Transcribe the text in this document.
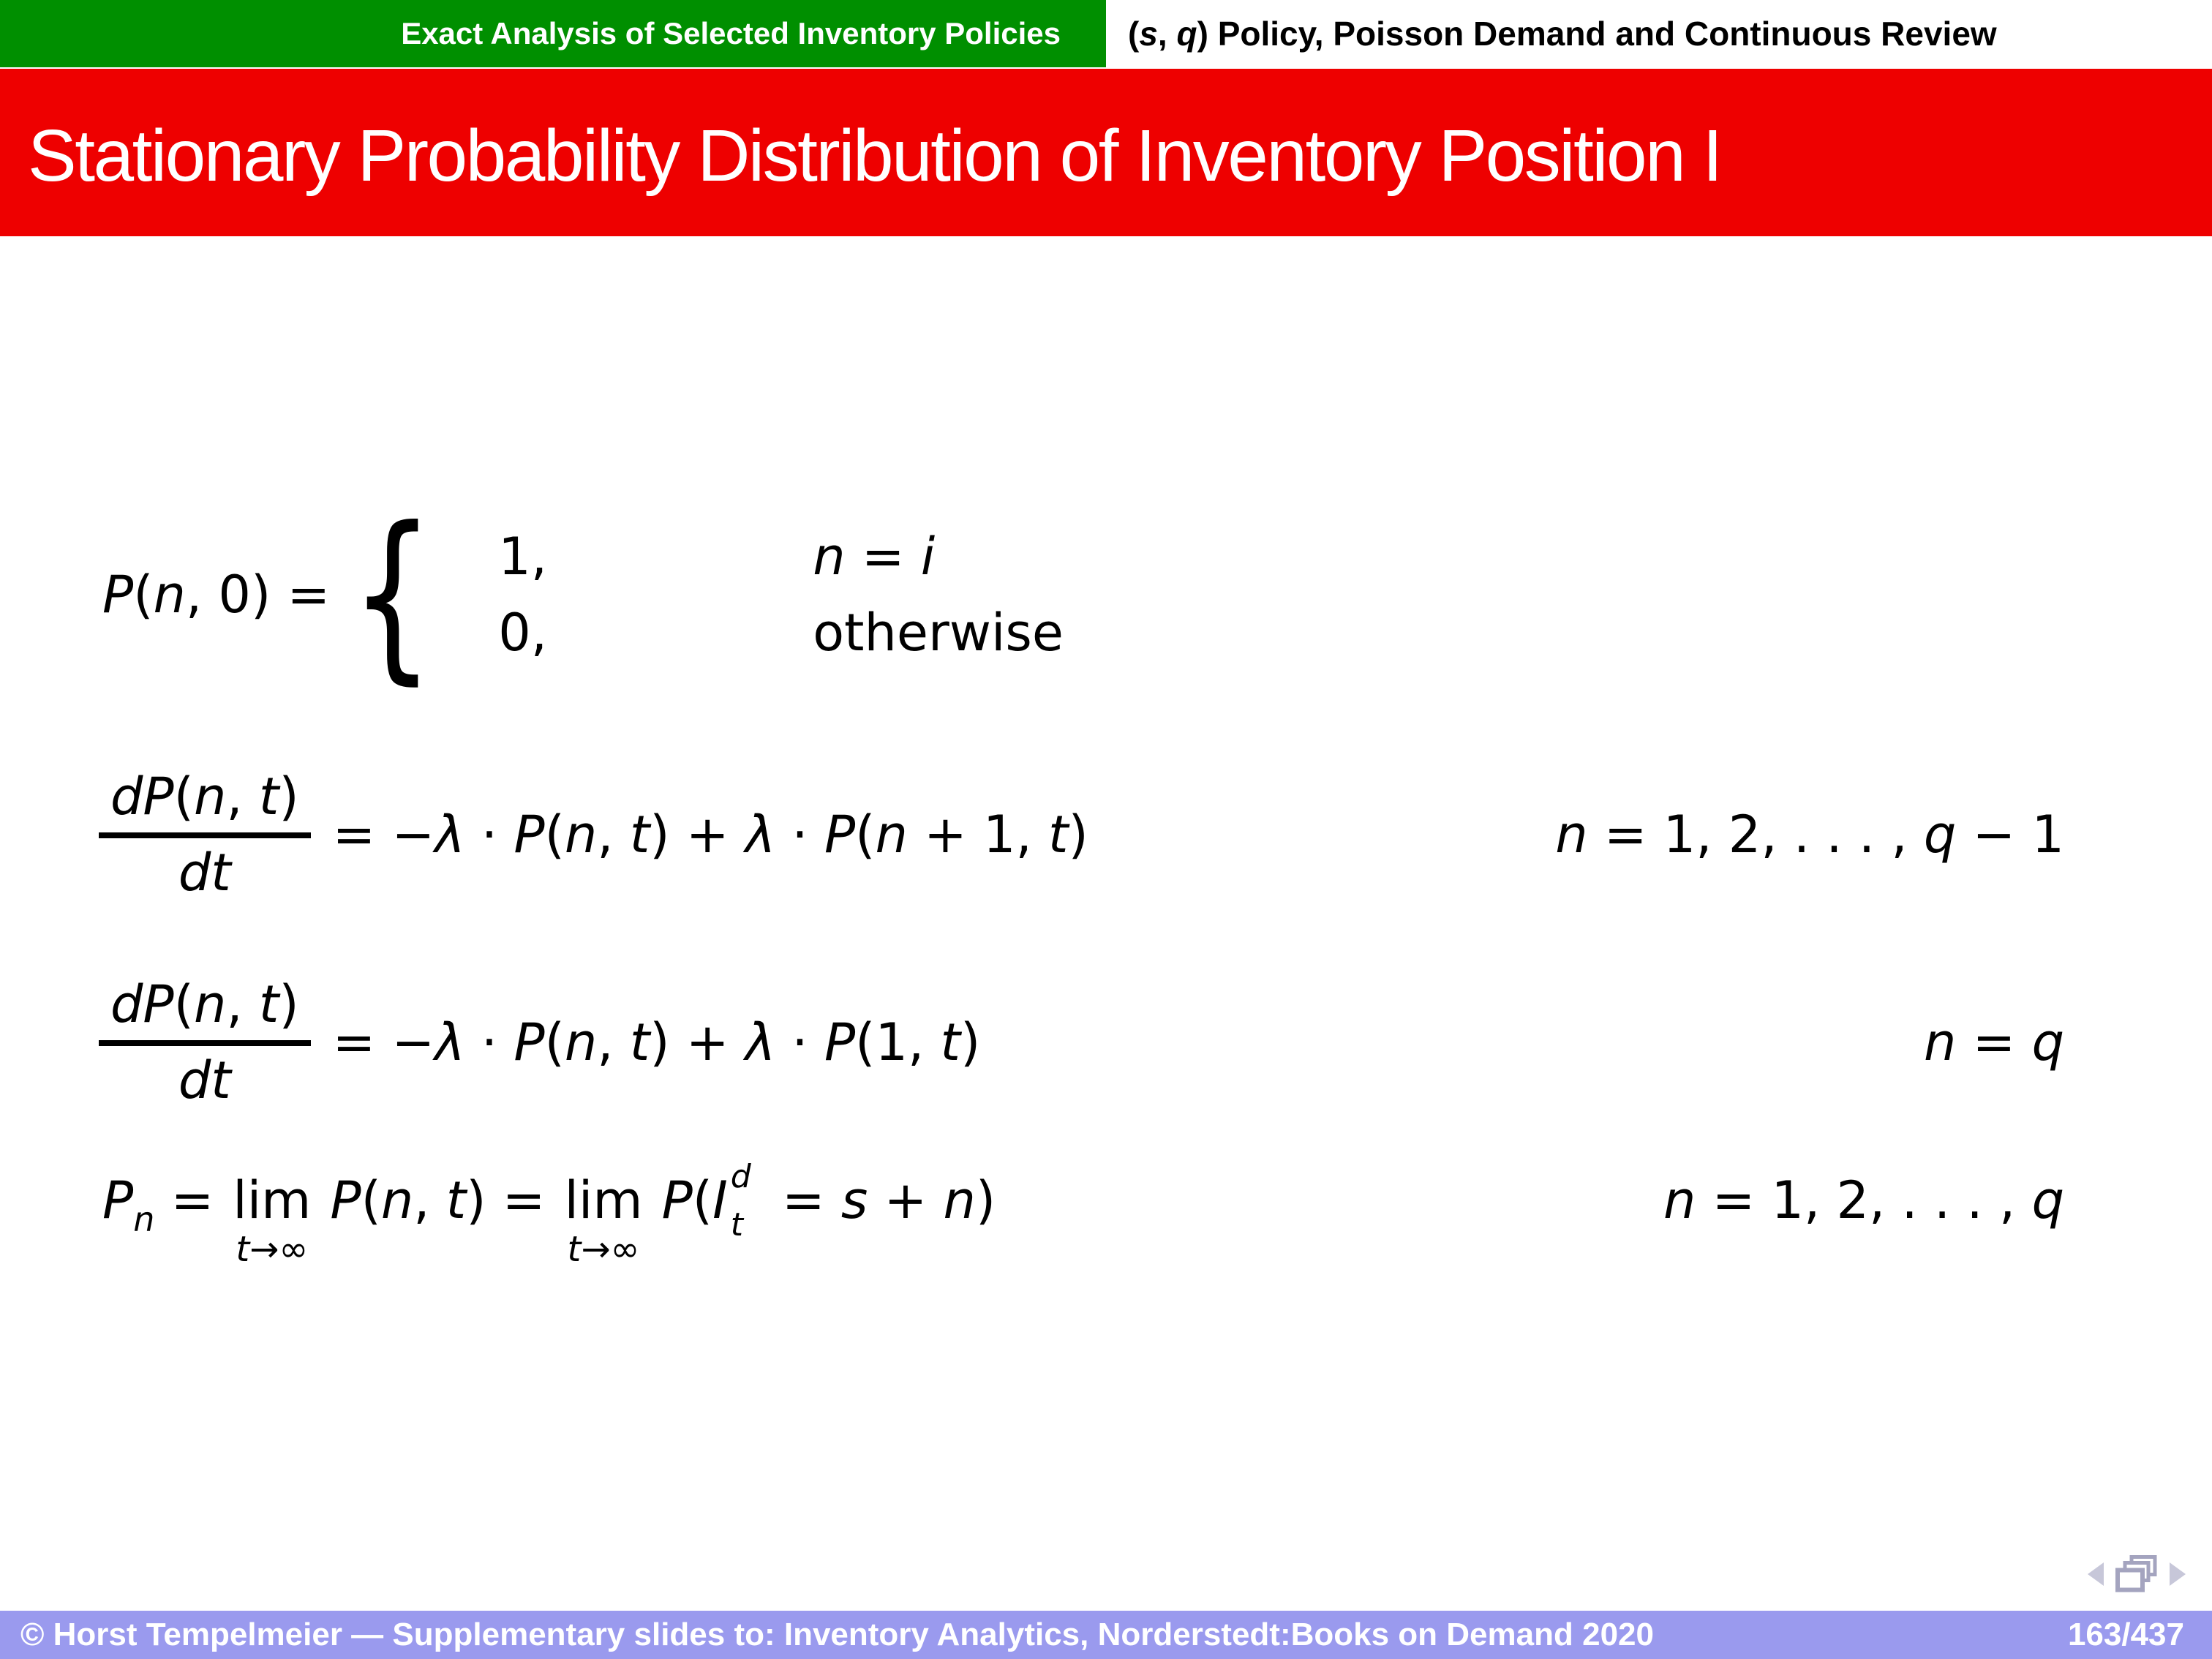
Exact Analysis of Selected Inventory Policies	(s, q) Policy, Poisson Demand and Continuous Review
Stationary Probability Distribution of Inventory Position I
P(n, 0) = {	1,	n = i
0,	otherwise
$\frac{dP(n, t)}{dt} = -\lambda \cdot P(n$, t) + λ · P(n + 1, t)	n = 1, 2, . . . , q − 1
$\frac{dP(n, t)}{dt} = -\lambda \cdot P(n$, t) + λ · P(1, t)	n = q
$P_n = \lim$
t→∞
P(n, t) = lim
t→∞
P(I d
t = s + n)	n = 1, 2, . . . , q
© Horst Tempelmeier — Supplementary slides to: Inventory Analytics, Norderstedt:Books on Demand 2020	163/437
